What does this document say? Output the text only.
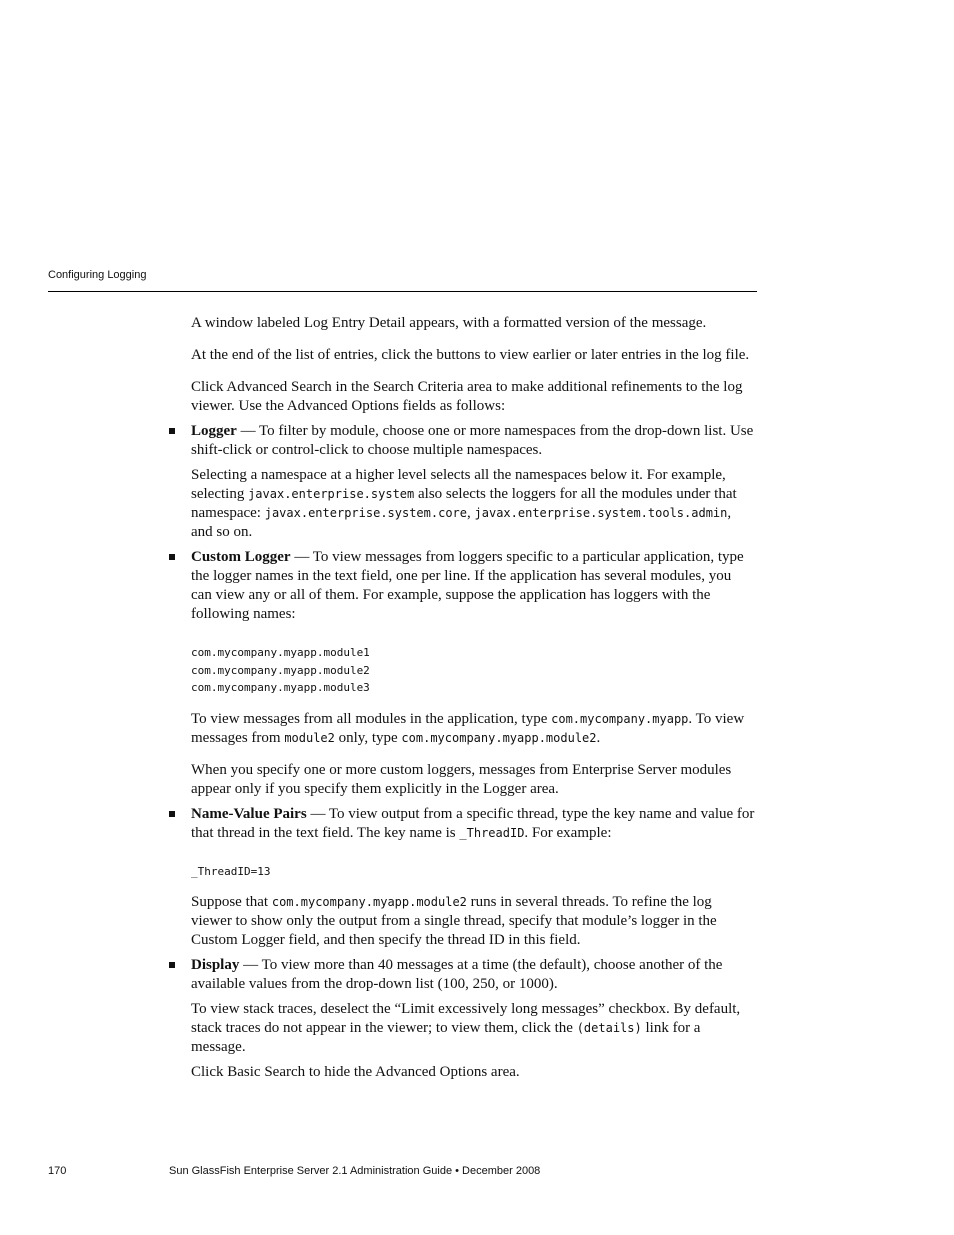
Configuring Logging

A window labeled Log Entry Detail appears, with a formatted version of the message.

At the end of the list of entries, click the buttons to view earlier or later entries in the log file.

Click Advanced Search in the Search Criteria area to make additional refinements to the log viewer. Use the Advanced Options fields as follows:

Logger — To filter by module, choose one or more namespaces from the drop-down list. Use shift-click or control-click to choose multiple namespaces.

Selecting a namespace at a higher level selects all the namespaces below it. For example, selecting javax.enterprise.system also selects the loggers for all the modules under that namespace: javax.enterprise.system.core, javax.enterprise.system.tools.admin, and so on.

Custom Logger — To view messages from loggers specific to a particular application, type the logger names in the text field, one per line. If the application has several modules, you can view any or all of them. For example, suppose the application has loggers with the following names:

com.mycompany.myapp.module1
com.mycompany.myapp.module2
com.mycompany.myapp.module3

To view messages from all modules in the application, type com.mycompany.myapp. To view messages from module2 only, type com.mycompany.myapp.module2.

When you specify one or more custom loggers, messages from Enterprise Server modules appear only if you specify them explicitly in the Logger area.

Name-Value Pairs — To view output from a specific thread, type the key name and value for that thread in the text field. The key name is _ThreadID. For example:

_ThreadID=13

Suppose that com.mycompany.myapp.module2 runs in several threads. To refine the log viewer to show only the output from a single thread, specify that module’s logger in the Custom Logger field, and then specify the thread ID in this field.

Display — To view more than 40 messages at a time (the default), choose another of the available values from the drop-down list (100, 250, or 1000).

To view stack traces, deselect the “Limit excessively long messages” checkbox. By default, stack traces do not appear in the viewer; to view them, click the (details) link for a message.

Click Basic Search to hide the Advanced Options area.

170	Sun GlassFish Enterprise Server 2.1 Administration Guide • December 2008
